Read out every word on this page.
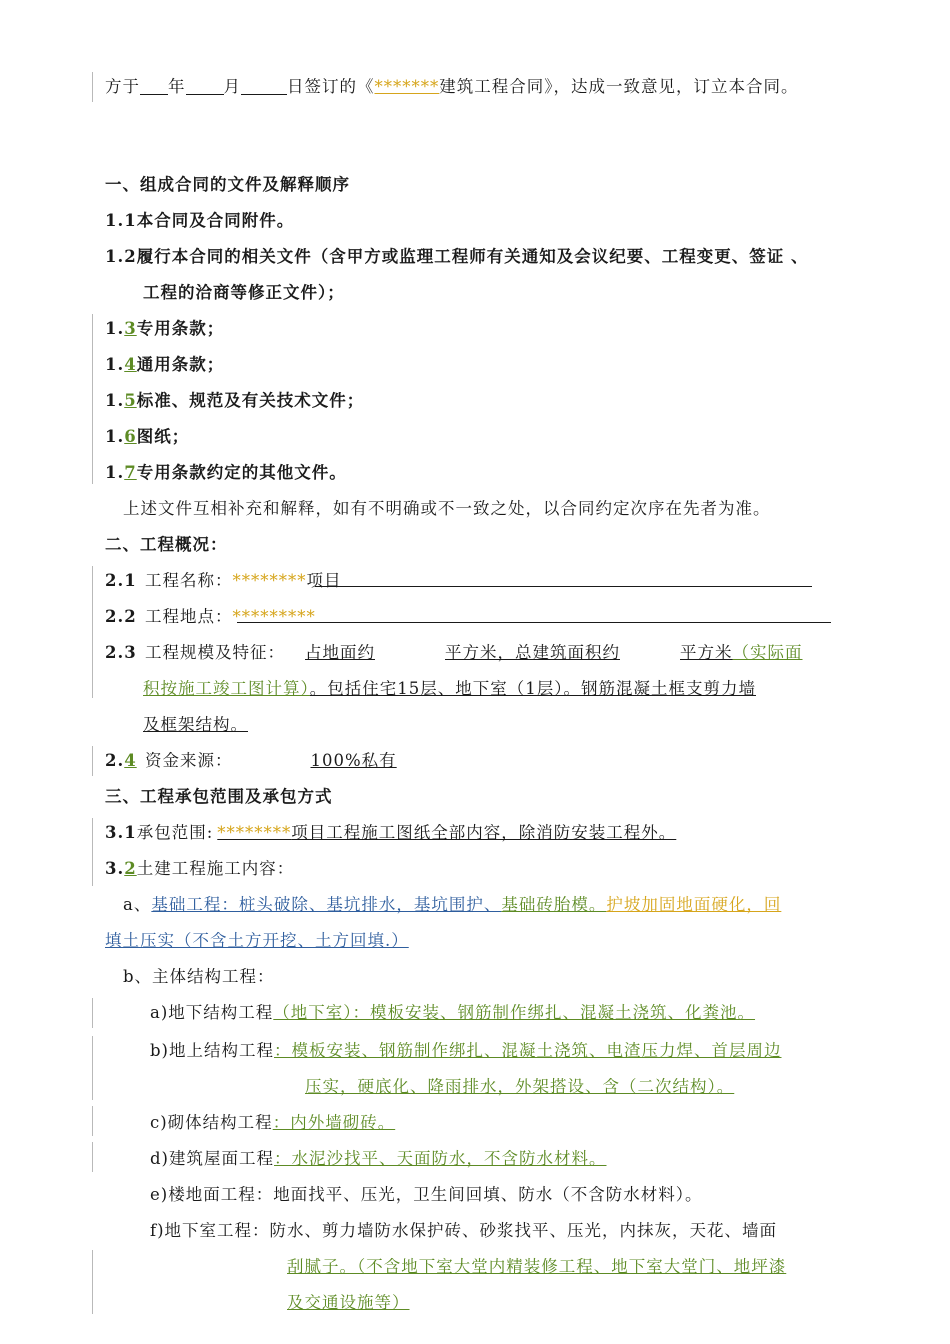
方于 年 月	日签订的《*******建筑工程合同》，达成一致意见，订立本合同。
一、组成合同的文件及解释顺序
1.1本合同及合同附件。
1.2履行本合同的相关文件（含甲方或监理工程师有关通知及会议纪要、工程变更、签证 、
工程的洽商等修正文件）；
1.3专用条款；
1.4通用条款；
1.5标准、规范及有关技术文件；
1.6图纸；
1.7专用条款约定的其他文件。
上述文件互相补充和解释，如有不明确或不一致之处，以合同约定次序在先者为准。
二、工程概况：
2.1 工程名称：********项目
2.2 工程地点：*********
2.3 工程规模及特征： 占地面约	平方米，总建筑面积约	平方米（实际面
积按施工竣工图计算）。包括住宅15层、地下室（1层）。钢筋混凝土框支剪力墙
及框架结构。
2.4 资金来源：	100%私有
三、工程承包范围及承包方式
3.1承包范围: ********项目工程施工图纸全部内容，除消防安装工程外。
3.2土建工程施工内容：
a、基础工程：桩头破除、基坑排水，基坑围护、基础砖胎模。护坡加固地面硬化，回
填土压实（不含土方开挖、土方回填.）
b、主体结构工程：
a)地下结构工程（地下室）：模板安装、钢筋制作绑扎、混凝土浇筑、化粪池。
b)地上结构工程：模板安装、钢筋制作绑扎、混凝土浇筑、电渣压力焊、首层周边
压实，硬底化、降雨排水，外架搭设、含（二次结构）。
c)砌体结构工程：内外墙砌砖。
d)建筑屋面工程：水泥沙找平、天面防水，不含防水材料。
e)楼地面工程：地面找平、压光，卫生间回填、防水（不含防水材料）。
f)地下室工程：防水、剪力墙防水保护砖、砂浆找平、压光，内抹灰，天花、墙面
刮腻子。（不含地下室大堂内精装修工程、地下室大堂门、地坪漆
及交通设施等）
